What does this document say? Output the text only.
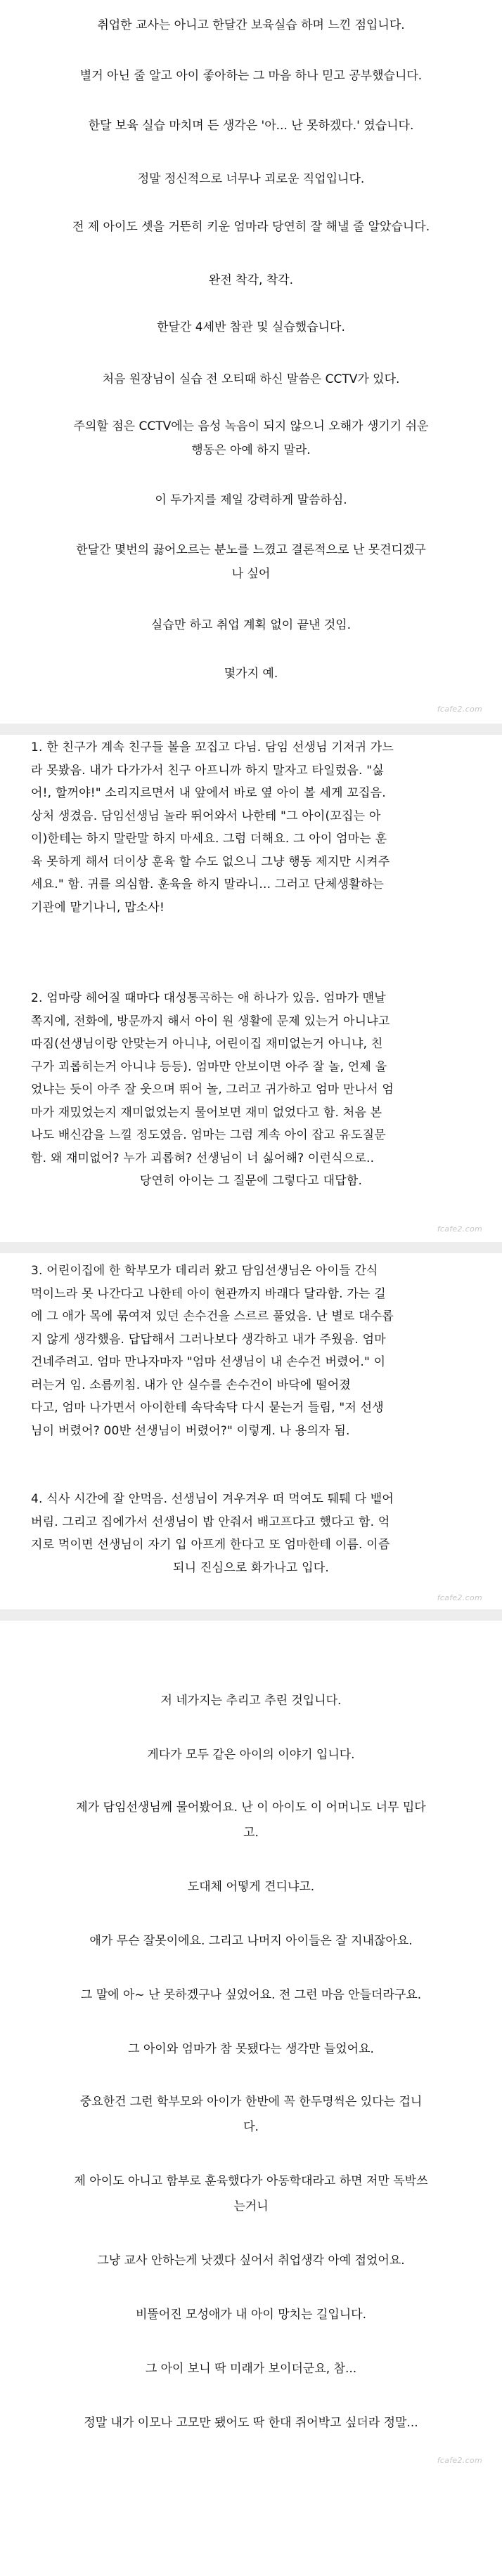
취업한 교사는 아니고 한달간 보육실습 하며 느낀 점입니다.
별거 아닌 줄 알고 아이 좋아하는 그 마음 하나 믿고 공부했습니다.
한달 보육 실습 마치며 든 생각은 '아... 난 못하겠다.' 였습니다.
정말 정신적으로 너무나 괴로운 직업입니다.
전 제 아이도 셋을 거뜬히 키운 엄마라 당연히 잘 해낼 줄 알았습니다.
완전 착각, 착각.
한달간 4세반 참관 및 실습했습니다.
처음 원장님이 실습 전 오티때 하신 말씀은 CCTV가 있다.
주의할 점은 CCTV에는 음성 녹음이 되지 않으니 오해가 생기기 쉬운
행동은 아예 하지 말라.
이 두가지를 제일 강력하게 말씀하심.
한달간 몇번의 끓어오르는 분노를 느꼈고 결론적으로 난 못견디겠구
나 싶어
실습만 하고 취업 계획 없이 끝낸 것임.
몇가지 예.
fcafe2.com
1. 한 친구가 계속 친구들 볼을 꼬집고 다님. 담임 선생님 기저귀 가느
라 못봤음. 내가 다가가서 친구 아프니까 하지 말자고 타일렀음. "싫
어!, 할꺼야!" 소리지르면서 내 앞에서 바로 옆 아이 볼 세게 꼬집음.
상처 생겼음. 담임선생님 놀라 뛰어와서 나한테 "그 아이(꼬집는 아
이)한테는 하지 말란말 하지 마세요. 그럼 더해요. 그 아이 엄마는 훈
육 못하게 해서 더이상 훈육 할 수도 없으니 그냥 행동 제지만 시켜주
세요." 함. 귀를 의심함. 훈육을 하지 말라니... 그러고 단체생활하는
기관에 맡기나니, 맙소사!
2. 엄마랑 헤어질 때마다 대성통곡하는 애 하나가 있음. 엄마가 맨날
쪽지에, 전화에, 방문까지 해서 아이 원 생활에 문제 있는거 아니냐고
따짐(선생님이랑 안맞는거 아니냐, 어린이집 재미없는거 아니냐, 친
구가 괴롭히는거 아니냐 등등). 엄마만 안보이면 아주 잘 놀, 언제 울
었냐는 듯이 아주 잘 웃으며 뛰어 놀, 그러고 귀가하고 엄마 만나서 엄
마가 재밌었는지 재미없었는지 물어보면 재미 없었다고 함. 처음 본
나도 배신감을 느낄 정도였음. 엄마는 그럼 계속 아이 잡고 유도질문
함. 왜 재미없어? 누가 괴롭혀? 선생님이 너 싫어해? 이런식으로..
당연히 아이는 그 질문에 그렇다고 대답함.
fcafe2.com
3. 어린이집에 한 학부모가 데리러 왔고 담임선생님은 아이들 간식
먹이느라 못 나간다고 나한테 아이 현관까지 바래다 달라함. 가는 길
에 그 애가 목에 묶여져 있던 손수건을 스르르 풀었음. 난 별로 대수롭
지 않게 생각했음. 답답해서 그러나보다 생각하고 내가 주웠음. 엄마
건네주려고. 엄마 만나자마자 "엄마 선생님이 내 손수건 버렸어." 이
러는거 임. 소름끼침. 내가 안 실수를 손수건이 바닥에 떨어졌
다고, 엄마 나가면서 아이한테 속닥속닥 다시 묻는거 들림, "저 선생
님이 버렸어? 00반 선생님이 버렸어?" 이렇게. 나 용의자 됨.
4. 식사 시간에 잘 안먹음. 선생님이 겨우겨우 떠 먹여도 퉤퉤 다 뱉어
버림. 그리고 집에가서 선생님이 밥 안줘서 배고프다고 했다고 함. 억
지로 먹이면 선생님이 자기 입 아프게 한다고 또 엄마한테 이름. 이즘
되니 진심으로 화가나고 입다.
fcafe2.com
저 네가지는 추리고 추린 것입니다.
게다가 모두 같은 아이의 이야기 입니다.
제가 담임선생님께 물어봤어요. 난 이 아이도 이 어머니도 너무 밉다
고.
도대체 어떻게 견디냐고.
애가 무슨 잘못이에요. 그리고 나머지 아이들은 잘 지내잖아요.
그 말에 아~ 난 못하겠구나 싶었어요. 전 그런 마음 안들더라구요.
그 아이와 엄마가 참 못됐다는 생각만 들었어요.
중요한건 그런 학부모와 아이가 한반에 꼭 한두명씩은 있다는 겁니
다.
제 아이도 아니고 함부로 훈육했다가 아동학대라고 하면 저만 독박쓰
는거니
그냥 교사 안하는게 낫겠다 싶어서 취업생각 아예 접었어요.
비뚤어진 모성애가 내 아이 망치는 길입니다.
그 아이 보니 딱 미래가 보이더군요, 참...
정말 내가 이모나 고모만 됐어도 딱 한대 쥐어박고 싶더라 정말...
fcafe2.com
